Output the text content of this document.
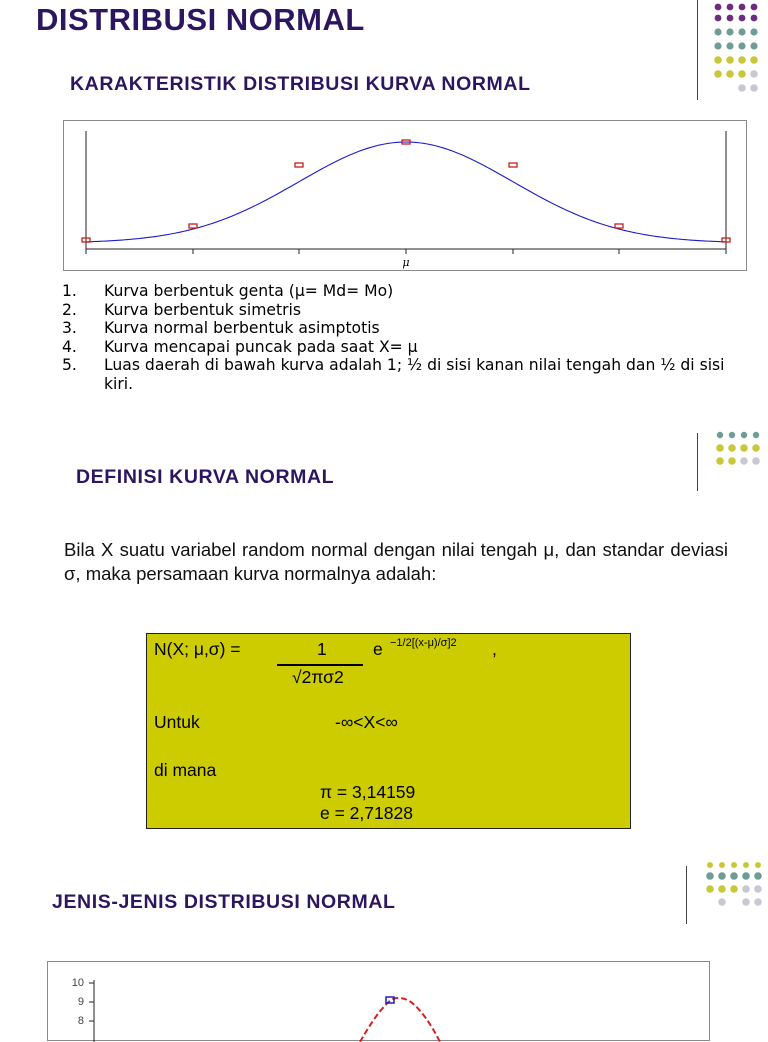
DISTRIBUSI NORMAL
KARAKTERISTIK DISTRIBUSI KURVA NORMAL
μ
1.	Kurva berbentuk genta (μ= Md= Mo)
2.	Kurva berbentuk simetris
3.	Kurva normal berbentuk asimptotis
4.	Kurva mencapai puncak pada saat X= μ
5.	Luas daerah di bawah kurva adalah 1; ½ di sisi kanan nilai tengah dan ½ di sisi kiri.
DEFINISI KURVA NORMAL
Bila X suatu variabel random normal dengan nilai tengah μ, dan standar deviasi σ, maka persamaan kurva normalnya adalah:
N(X; μ,σ) =	1
√2πσ2
e −1/2[(x-μ)/σ]2 ,
Untuk	-∞<X<∞
di mana
π = 3,14159
e = 2,71828
JENIS-JENIS DISTRIBUSI NORMAL
10
9
8
